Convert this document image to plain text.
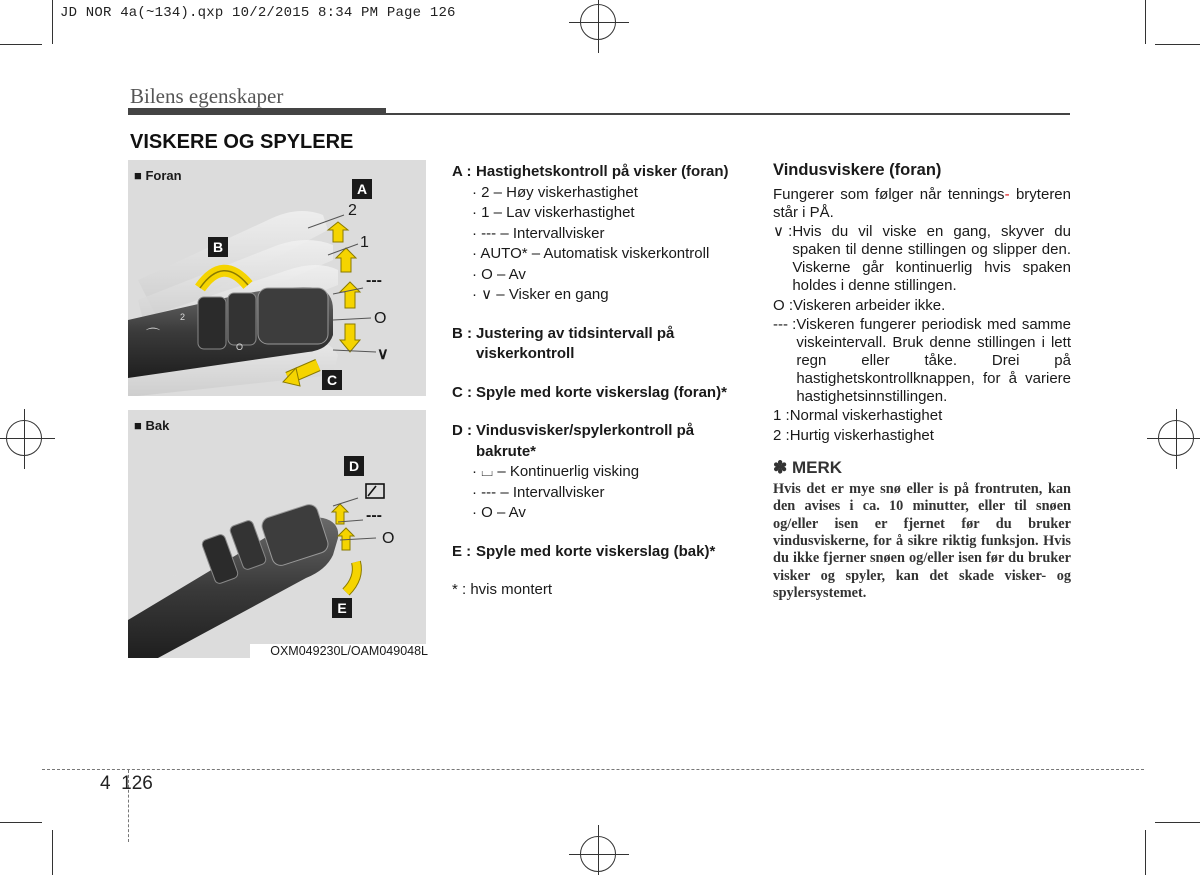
JD NOR 4a(~134).qxp 10/2/2015 8:34 PM Page 126
Bilens egenskaper
VISKERE OG SPYLERE
⌒
2
O
■ Foran
A
B
C
2
1
---
O
∨
⌒
■ Bak
D
E
---
O
OXM049230L/OAM049048L
A : Hastighetskontroll på visker (foran)
· 2 – Høy viskerhastighet
· 1 – Lav viskerhastighet
· --- – Intervallvisker
· AUTO* – Automatisk viskerkontroll
· O – Av
· ∨ – Visker en gang
B : Justering av tidsintervall på viskerkontroll
C : Spyle med korte viskerslag (foran)*
D : Vindusvisker/spylerkontroll på bakrute*
· ⌴ – Kontinuerlig visking
· --- – Intervallvisker
· O – Av
E : Spyle med korte viskerslag (bak)*
* : hvis montert
Vindusviskere (foran)

Fungerer som følger når tennings- bryteren står i PÅ.

∨ : Hvis du vil viske en gang, skyver du spaken til denne stillingen og slipper den. Viskerne går kontinuerlig hvis spaken holdes i denne stillingen.
O : Viskeren arbeider ikke.
--- : Viskeren fungerer periodisk med samme viskeintervall. Bruk denne stillingen i lett regn eller tåke. Drei på hastighetskontrollknappen, for å variere hastighetsinnstillingen.
1 : Normal viskerhastighet
2 : Hurtig viskerhastighet
✽ MERK
Hvis det er mye snø eller is på frontruten, kan den avises i ca. 10 minutter, eller til snøen og/eller isen er fjernet før du bruker vindusviskerne, for å sikre riktig funksjon. Hvis du ikke fjerner snøen og/eller isen før du bruker visker og spyler, kan det skade visker- og spylersystemet.
4  126
